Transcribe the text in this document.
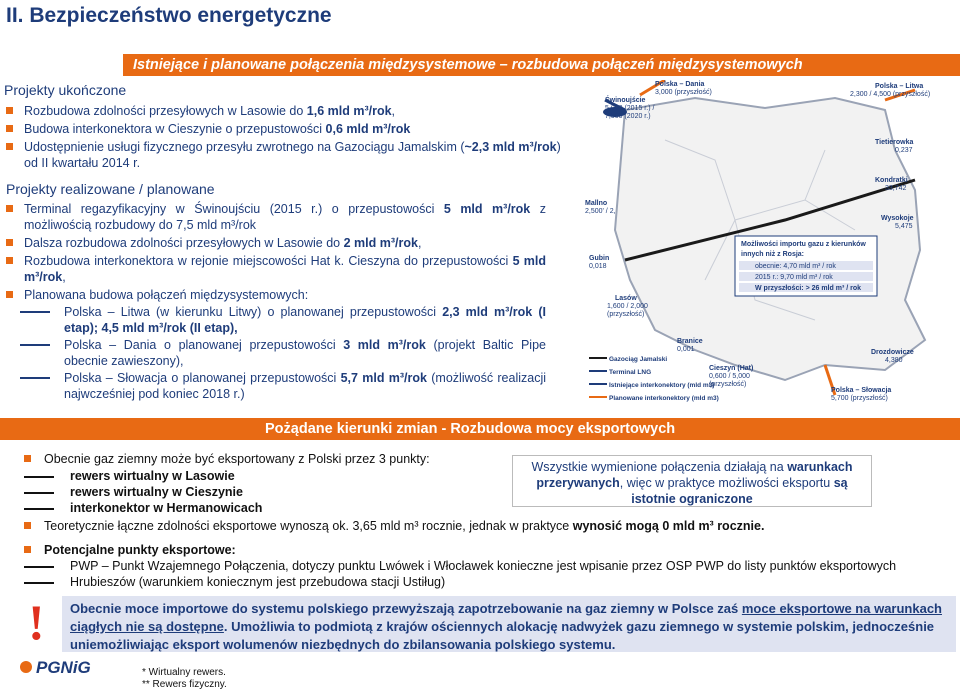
II. Bezpieczeństwo energetyczne
Istniejące i planowane połączenia międzysystemowe – rozbudowa połączeń międzysystemowych
Projekty ukończone
Rozbudowa zdolności przesyłowych w Lasowie do 1,6 mld m³/rok,
Budowa interkonektora w Cieszynie o przepustowości 0,6 mld m³/rok
Udostępnienie usługi fizycznego przesyłu zwrotnego na Gazociągu Jamalskim (~2,3 mld m³/rok) od II kwartału 2014 r.
Projekty realizowane / planowane
Terminal regazyfikacyjny w Świnoujściu (2015 r.) o przepustowości 5 mld m³/rok z możliwością rozbudowy do 7,5 mld m³/rok
Dalsza rozbudowa zdolności przesyłowych w Lasowie do 2 mld m³/rok,
Rozbudowa interkonektora w rejonie miejscowości Hat k. Cieszyna do przepustowości 5 mld m³/rok,
Planowana budowa połączeń międzysystemowych:
Polska – Litwa (w kierunku Litwy) o planowanej przepustowości 2,3 mld m³/rok (I etap); 4,5 mld m³/rok (II etap),
Polska – Dania o planowanej przepustowości 3 mld m³/rok (projekt Baltic Pipe obecnie zawieszony),
Polska – Słowacja o planowanej przepustowości 5,7 mld m³/rok (możliwość realizacji najwcześniej pod koniec 2018 r.)
Polska – Dania
3,000 (przyszłość)
Świnoujście
5,000 (2015 r.) /
7,500 (2020 r.)
Polska – Litwa
2,300 / 4,500 (przyszłość)
Tietierowka
0,237
Kondratki
33,742
Wysokoje
5,475
Mallno
2,500' / 2,
Gubin
0,018
Lasów
1,600 / 2,000
(przyszłość)
Branice
0,001
Cieszyn (Hat)
0,600 / 5,000
(przyszłość)
Drozdowicze
4,380
Polska – Słowacja
5,700 (przyszłość)
Możliwości importu gazu z kierunków
innych niż z Rosja:
obecnie: 4,70 mld m³ / rok
2015 r.: 9,70 mld m³ / rok
W przyszłości: > 26 mld m³ / rok
Gazociąg Jamalski
Terminal LNG
Istniejące interkonektory (mld m3)
Planowane interkonektory (mld m3)
Pożądane kierunki zmian - Rozbudowa mocy eksportowych
Obecnie gaz ziemny może być eksportowany z Polski przez 3 punkty:
rewers wirtualny w Lasowie
rewers wirtualny w Cieszynie
interkonektor w Hermanowicach
Wszystkie wymienione połączenia działają na warunkach przerywanych, więc w praktyce możliwości eksportu są istotnie ograniczone
Teoretycznie łączne zdolności eksportowe wynoszą ok. 3,65 mld m³ rocznie, jednak w praktyce wynosić mogą 0 mld m³ rocznie.
Potencjalne punkty eksportowe:
PWP – Punkt Wzajemnego Połączenia, dotyczy punktu Lwówek i Włocławek konieczne jest wpisanie przez OSP PWP do listy punktów eksportowych
Hrubieszów (warunkiem koniecznym jest przebudowa stacji Ustiług)
!	Obecnie moce importowe do systemu polskiego przewyższają zapotrzebowanie na gaz ziemny w Polsce zaś moce eksportowe na warunkach ciągłych nie są dostępne. Umożliwia to podmiotą z krajów ościennych alokację nadwyżek gazu ziemnego w systemie polskim, jednocześnie uniemożliwiając eksport wolumenów niezbędnych do zbilansowania polskiego systemu.
PGNiG	* Wirtualny rewers.
** Rewers fizyczny.
